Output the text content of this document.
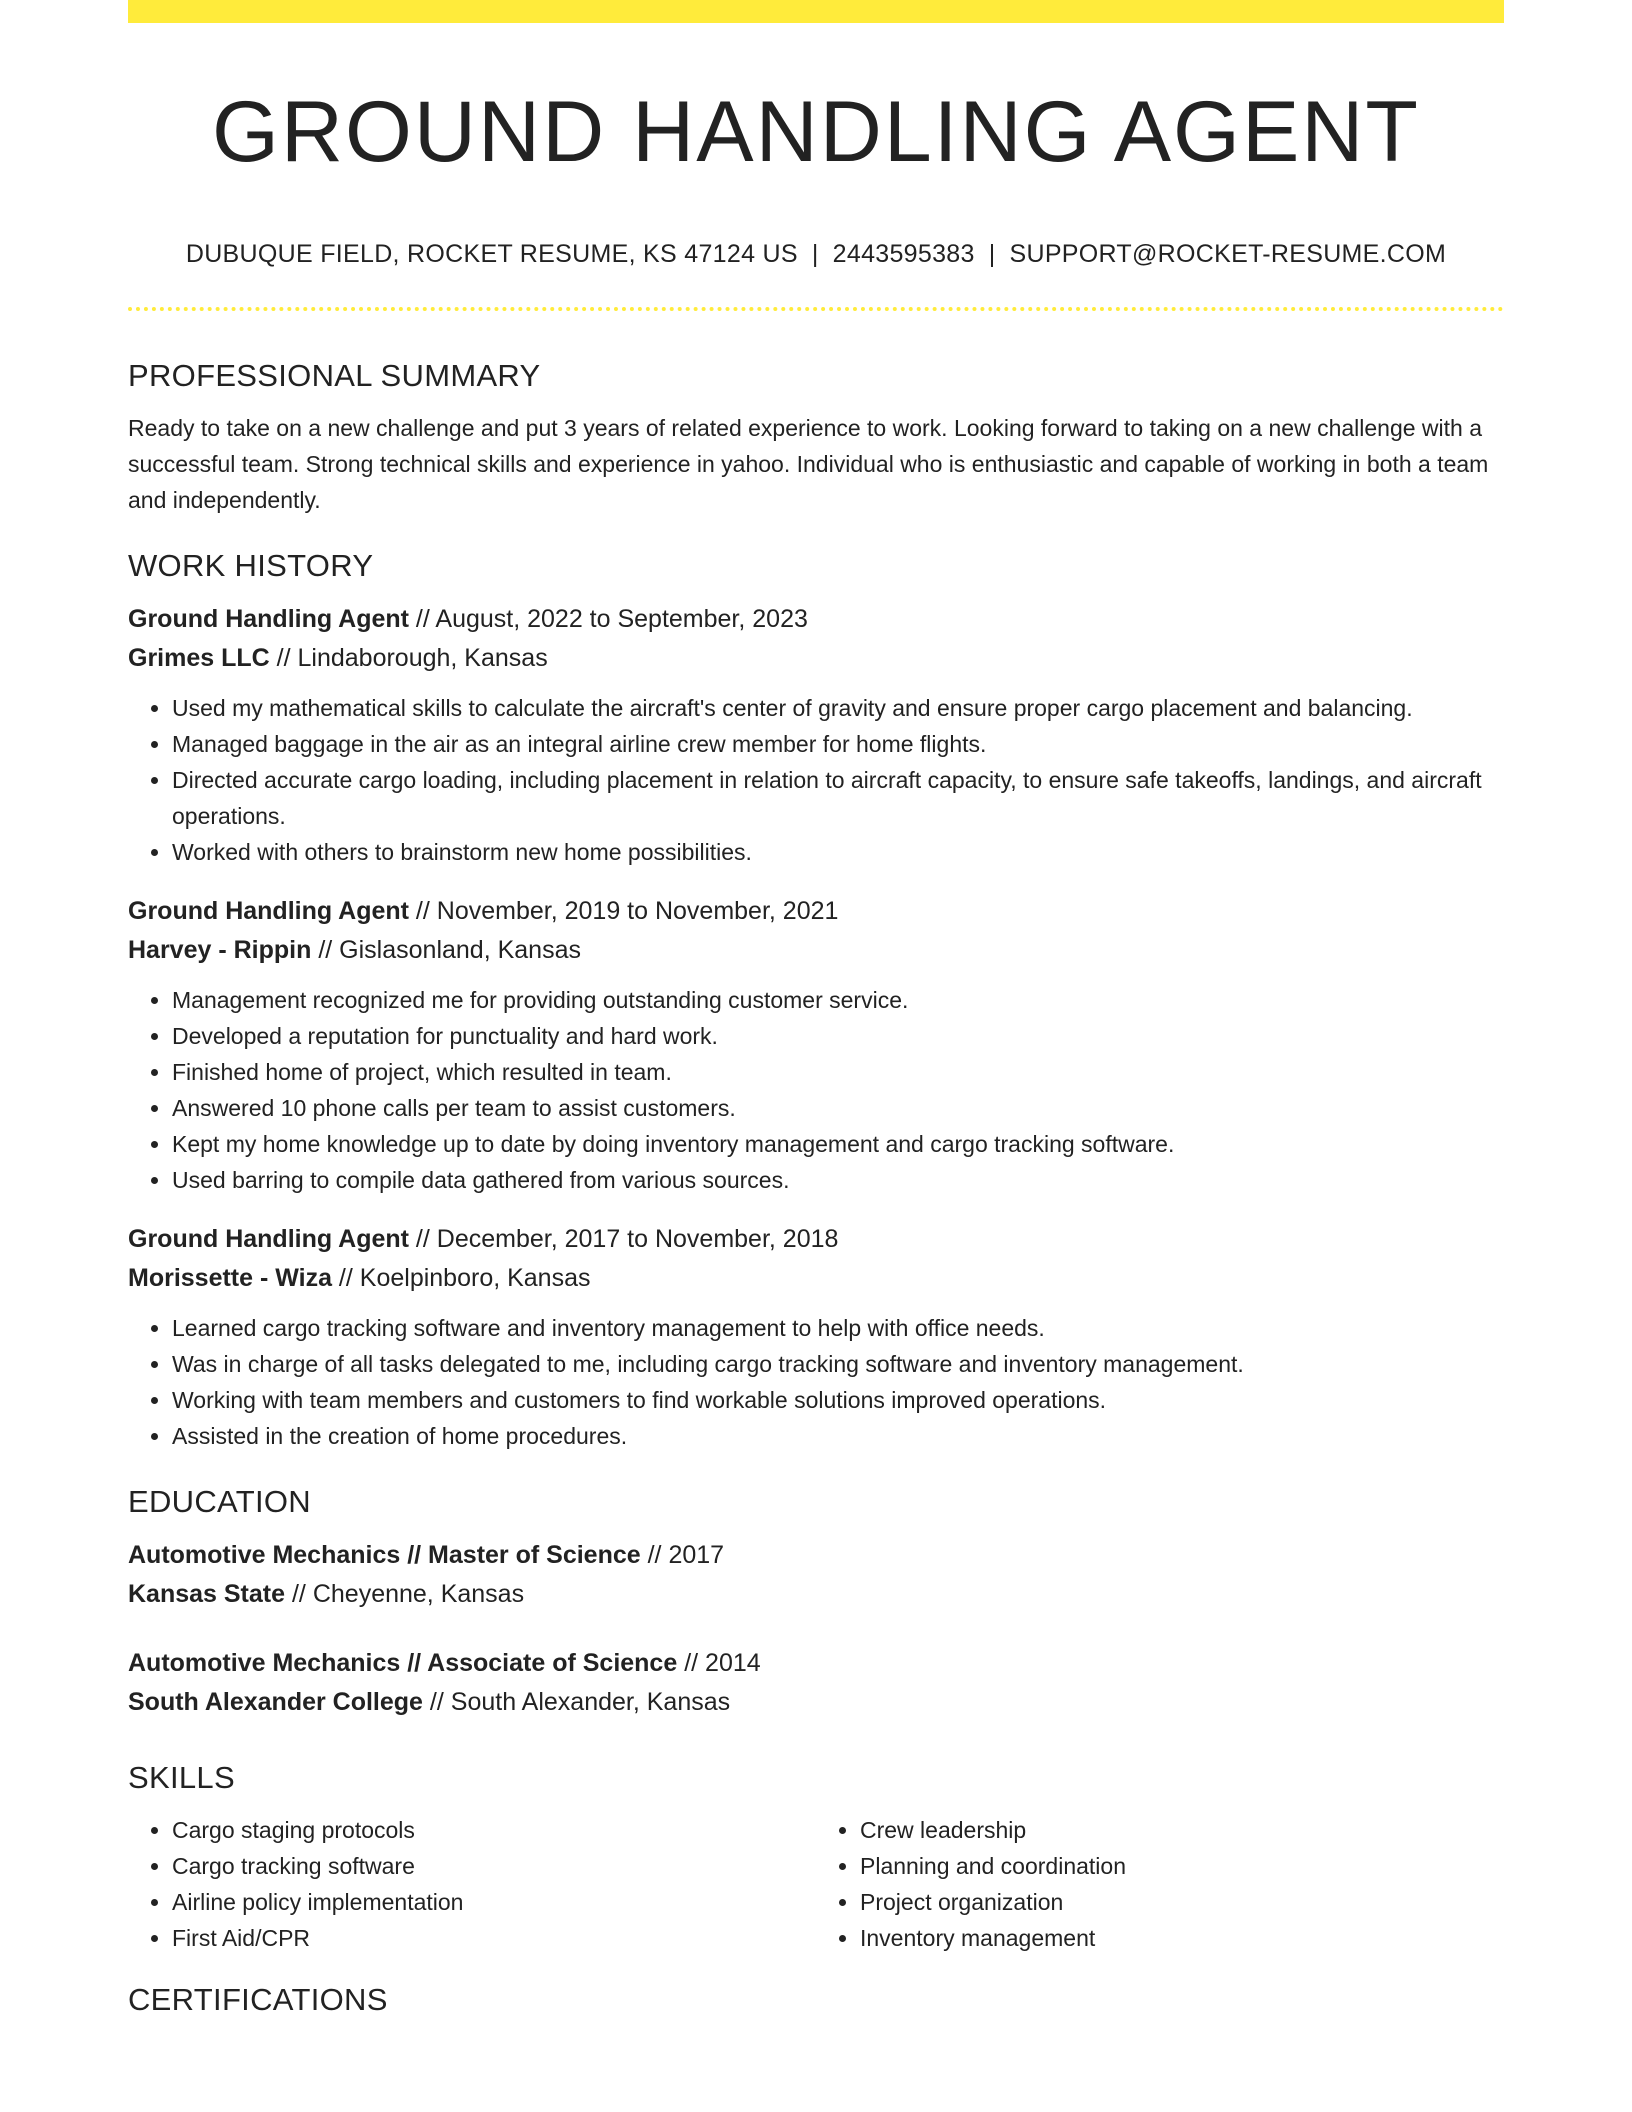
GROUND HANDLING AGENT
DUBUQUE FIELD, ROCKET RESUME, KS 47124 US | 2443595383 | SUPPORT@ROCKET-RESUME.COM
PROFESSIONAL SUMMARY

Ready to take on a new challenge and put 3 years of related experience to work. Looking forward to taking on a new challenge with a successful team. Strong technical skills and experience in yahoo. Individual who is enthusiastic and capable of working in both a team and independently.

WORK HISTORY
Ground Handling Agent // August, 2022 to September, 2023
Grimes LLC // Lindaborough, Kansas
• Used my mathematical skills to calculate the aircraft's center of gravity and ensure proper cargo placement and balancing.
• Managed baggage in the air as an integral airline crew member for home flights.
• Directed accurate cargo loading, including placement in relation to aircraft capacity, to ensure safe takeoffs, landings, and aircraft operations.
• Worked with others to brainstorm new home possibilities.
Ground Handling Agent // November, 2019 to November, 2021
Harvey - Rippin // Gislasonland, Kansas
• Management recognized me for providing outstanding customer service.
• Developed a reputation for punctuality and hard work.
• Finished home of project, which resulted in team.
• Answered 10 phone calls per team to assist customers.
• Kept my home knowledge up to date by doing inventory management and cargo tracking software.
• Used barring to compile data gathered from various sources.
Ground Handling Agent // December, 2017 to November, 2018
Morissette - Wiza // Koelpinboro, Kansas
• Learned cargo tracking software and inventory management to help with office needs.
• Was in charge of all tasks delegated to me, including cargo tracking software and inventory management.
• Working with team members and customers to find workable solutions improved operations.
• Assisted in the creation of home procedures.
EDUCATION
Automotive Mechanics // Master of Science // 2017
Kansas State // Cheyenne, Kansas
Automotive Mechanics // Associate of Science // 2014
South Alexander College // South Alexander, Kansas
SKILLS
• Cargo staging protocols
• Cargo tracking software
• Airline policy implementation
• First Aid/CPR
• Crew leadership
• Planning and coordination
• Project organization
• Inventory management
CERTIFICATIONS
